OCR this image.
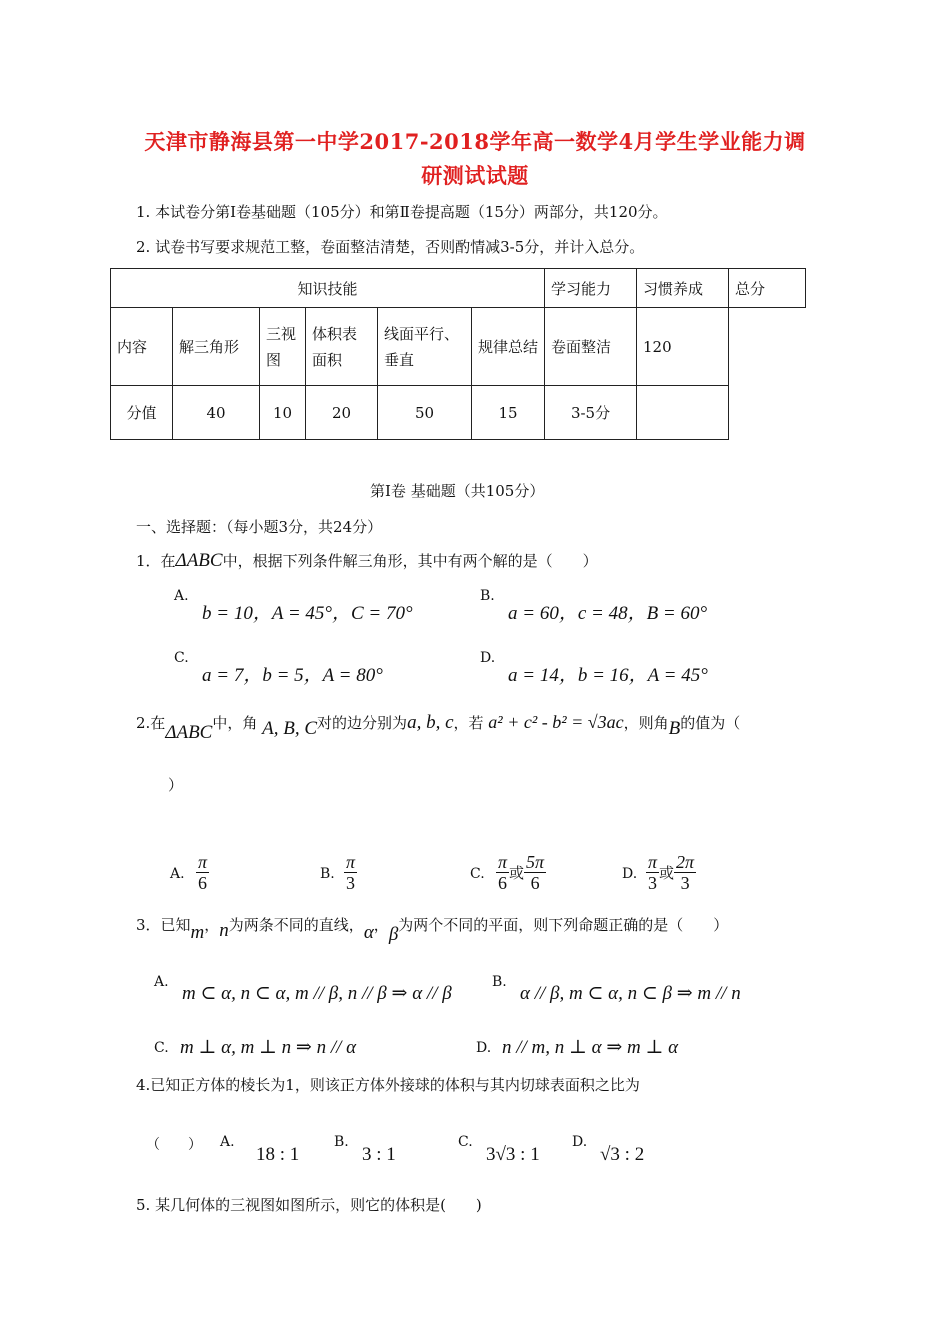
天津市静海县第一中学2017-2018学年高一数学4月学生学业能力调
研测试试题
1. 本试卷分第Ⅰ卷基础题（105分）和第Ⅱ卷提高题（15分）两部分，共120分。
2. 试卷书写要求规范工整，卷面整洁清楚，否则酌情减3-5分，并计入总分。
知识技能						学习能力	习惯养成	总分
内容	解三角形	三视图	体积表面积	线面平行、垂直	规律总结	卷面整洁	120	
分值	40	10	20	50	15	3-5分		
第Ⅰ卷 基础题（共105分）
一、选择题：（每小题3分，共24分）
1．在ΔABC中，根据下列条件解三角形，其中有两个解的是（　　）
A.
b = 10，A = 45°，C = 70°
B.
a = 60，c = 48，B = 60°
C.
a = 7，b = 5，A = 80°
D.
a = 14，b = 16，A = 45°
2.在ΔABC中，角 A, B, C对的边分别为a, b, c，若 a² + c² - b² = √3ac，则角B的值为（
）
A. $\frac{\pi}{6}$	B. $\frac{\pi}{3}$	C. $\frac{\pi}{6}$ 或 $\frac{5\pi}{6}$	D. $\frac{\pi}{3}$ 或 $\frac{2\pi}{3}$
3．已知m，n为两条不同的直线，α，β为两个不同的平面，则下列命题正确的是（　　）
A.
m ⊂ α, n ⊂ α, m // β, n // β ⇒ α // β
B.
α // β, m ⊂ α, n ⊂ β ⇒ m // n
C. m ⊥ α, m ⊥ n ⇒ n // α	D. n // m, n ⊥ α ⇒ m ⊥ α
4.已知正方体的棱长为1，则该正方体外接球的体积与其内切球表面积之比为
（　　） A.
18 : 1
B.
3 : 1
C.
3√3 : 1
D.
√3 : 2
5. 某几何体的三视图如图所示，则它的体积是(　　)
